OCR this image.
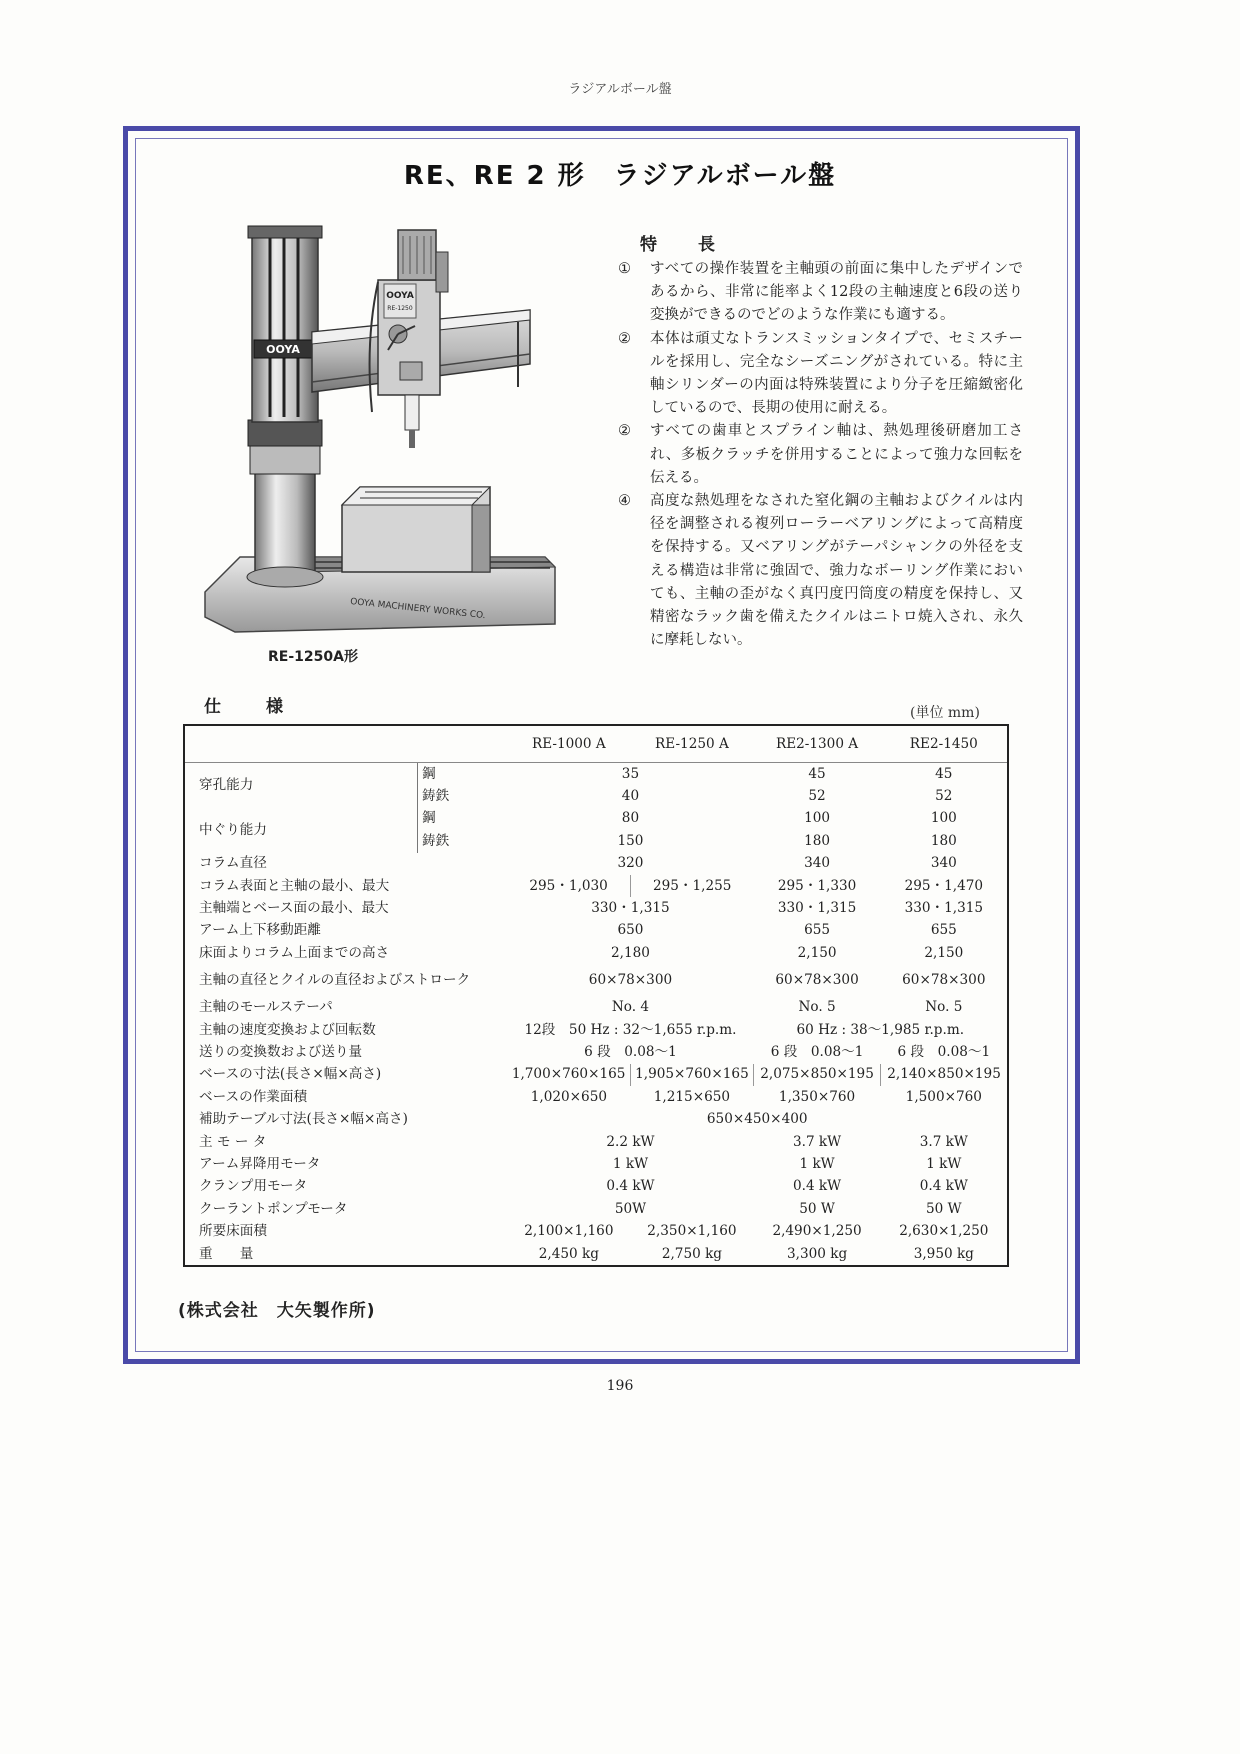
ラジアルボール盤
RE、RE 2 形　ラジアルボール盤
OOYA
OOYA
RE-1250
OOYA MACHINERY WORKS CO.
RE-1250A形
特　長
①	すべての操作装置を主軸頭の前面に集中したデザインであるから、非常に能率よく12段の主軸速度と6段の送り変換ができるのでどのような作業にも適する。
②	本体は頑丈なトランスミッションタイプで、セミスチールを採用し、完全なシーズニングがされている。特に主軸シリンダーの内面は特殊装置により分子を圧縮緻密化しているので、長期の使用に耐える。
②	すべての歯車とスプライン軸は、熱処理後研磨加工され、多板クラッチを併用することによって強力な回転を伝える。
④	高度な熱処理をなされた窒化鋼の主軸およびクイルは内径を調整される複列ローラーベアリングによって高精度を保持する。又ベアリングがテーパシャンクの外径を支える構造は非常に強固で、強力なボーリング作業においても、主軸の歪がなく真円度円筒度の精度を保持し、又精密なラック歯を備えたクイルはニトロ焼入され、永久に摩耗しない。
仕　様	(単位 mm)
		RE-1000 A	RE-1250 A	RE2-1300 A	RE2-1450
穿孔能力	鋼	35		45	45
	鋳鉄	40		52	52
中ぐり能力	鋼	80		100	100
	鋳鉄	150		180	180
コラム直径		320		340	340
コラム表面と主軸の最小、最大		295・1,030	295・1,255	295・1,330	295・1,470
主軸端とベース面の最小、最大		330・1,315		330・1,315	330・1,315
アーム上下移動距離		650		655	655
床面よりコラム上面までの高さ		2,180		2,150	2,150
主軸の直径とクイルの直径およびストローク		60×78×300		60×78×300	60×78×300
主軸のモールステーパ		No. 4		No. 5	No. 5
主軸の速度変換および回転数		12段　50 Hz : 32〜1,655 r.p.m.		60 Hz : 38〜1,985 r.p.m.	
送りの変換数および送り量		6 段　0.08〜1		6 段　0.08〜1	6 段　0.08〜1
ベースの寸法(長さ×幅×高さ)		1,700×760×165	1,905×760×165	2,075×850×195	2,140×850×195
ベースの作業面積		1,020×650	1,215×650	1,350×760	1,500×760
補助テーブル寸法(長さ×幅×高さ)		650×450×400			
主 モ ー タ		2.2 kW		3.7 kW	3.7 kW
アーム昇降用モータ		1 kW		1 kW	1 kW
クランプ用モータ		0.4 kW		0.4 kW	0.4 kW
クーラントポンプモータ		50W		50 W	50 W
所要床面積		2,100×1,160	2,350×1,160	2,490×1,250	2,630×1,250
重　　量		2,450 kg	2,750 kg	3,300 kg	3,950 kg
(株式会社　大矢製作所)
196
